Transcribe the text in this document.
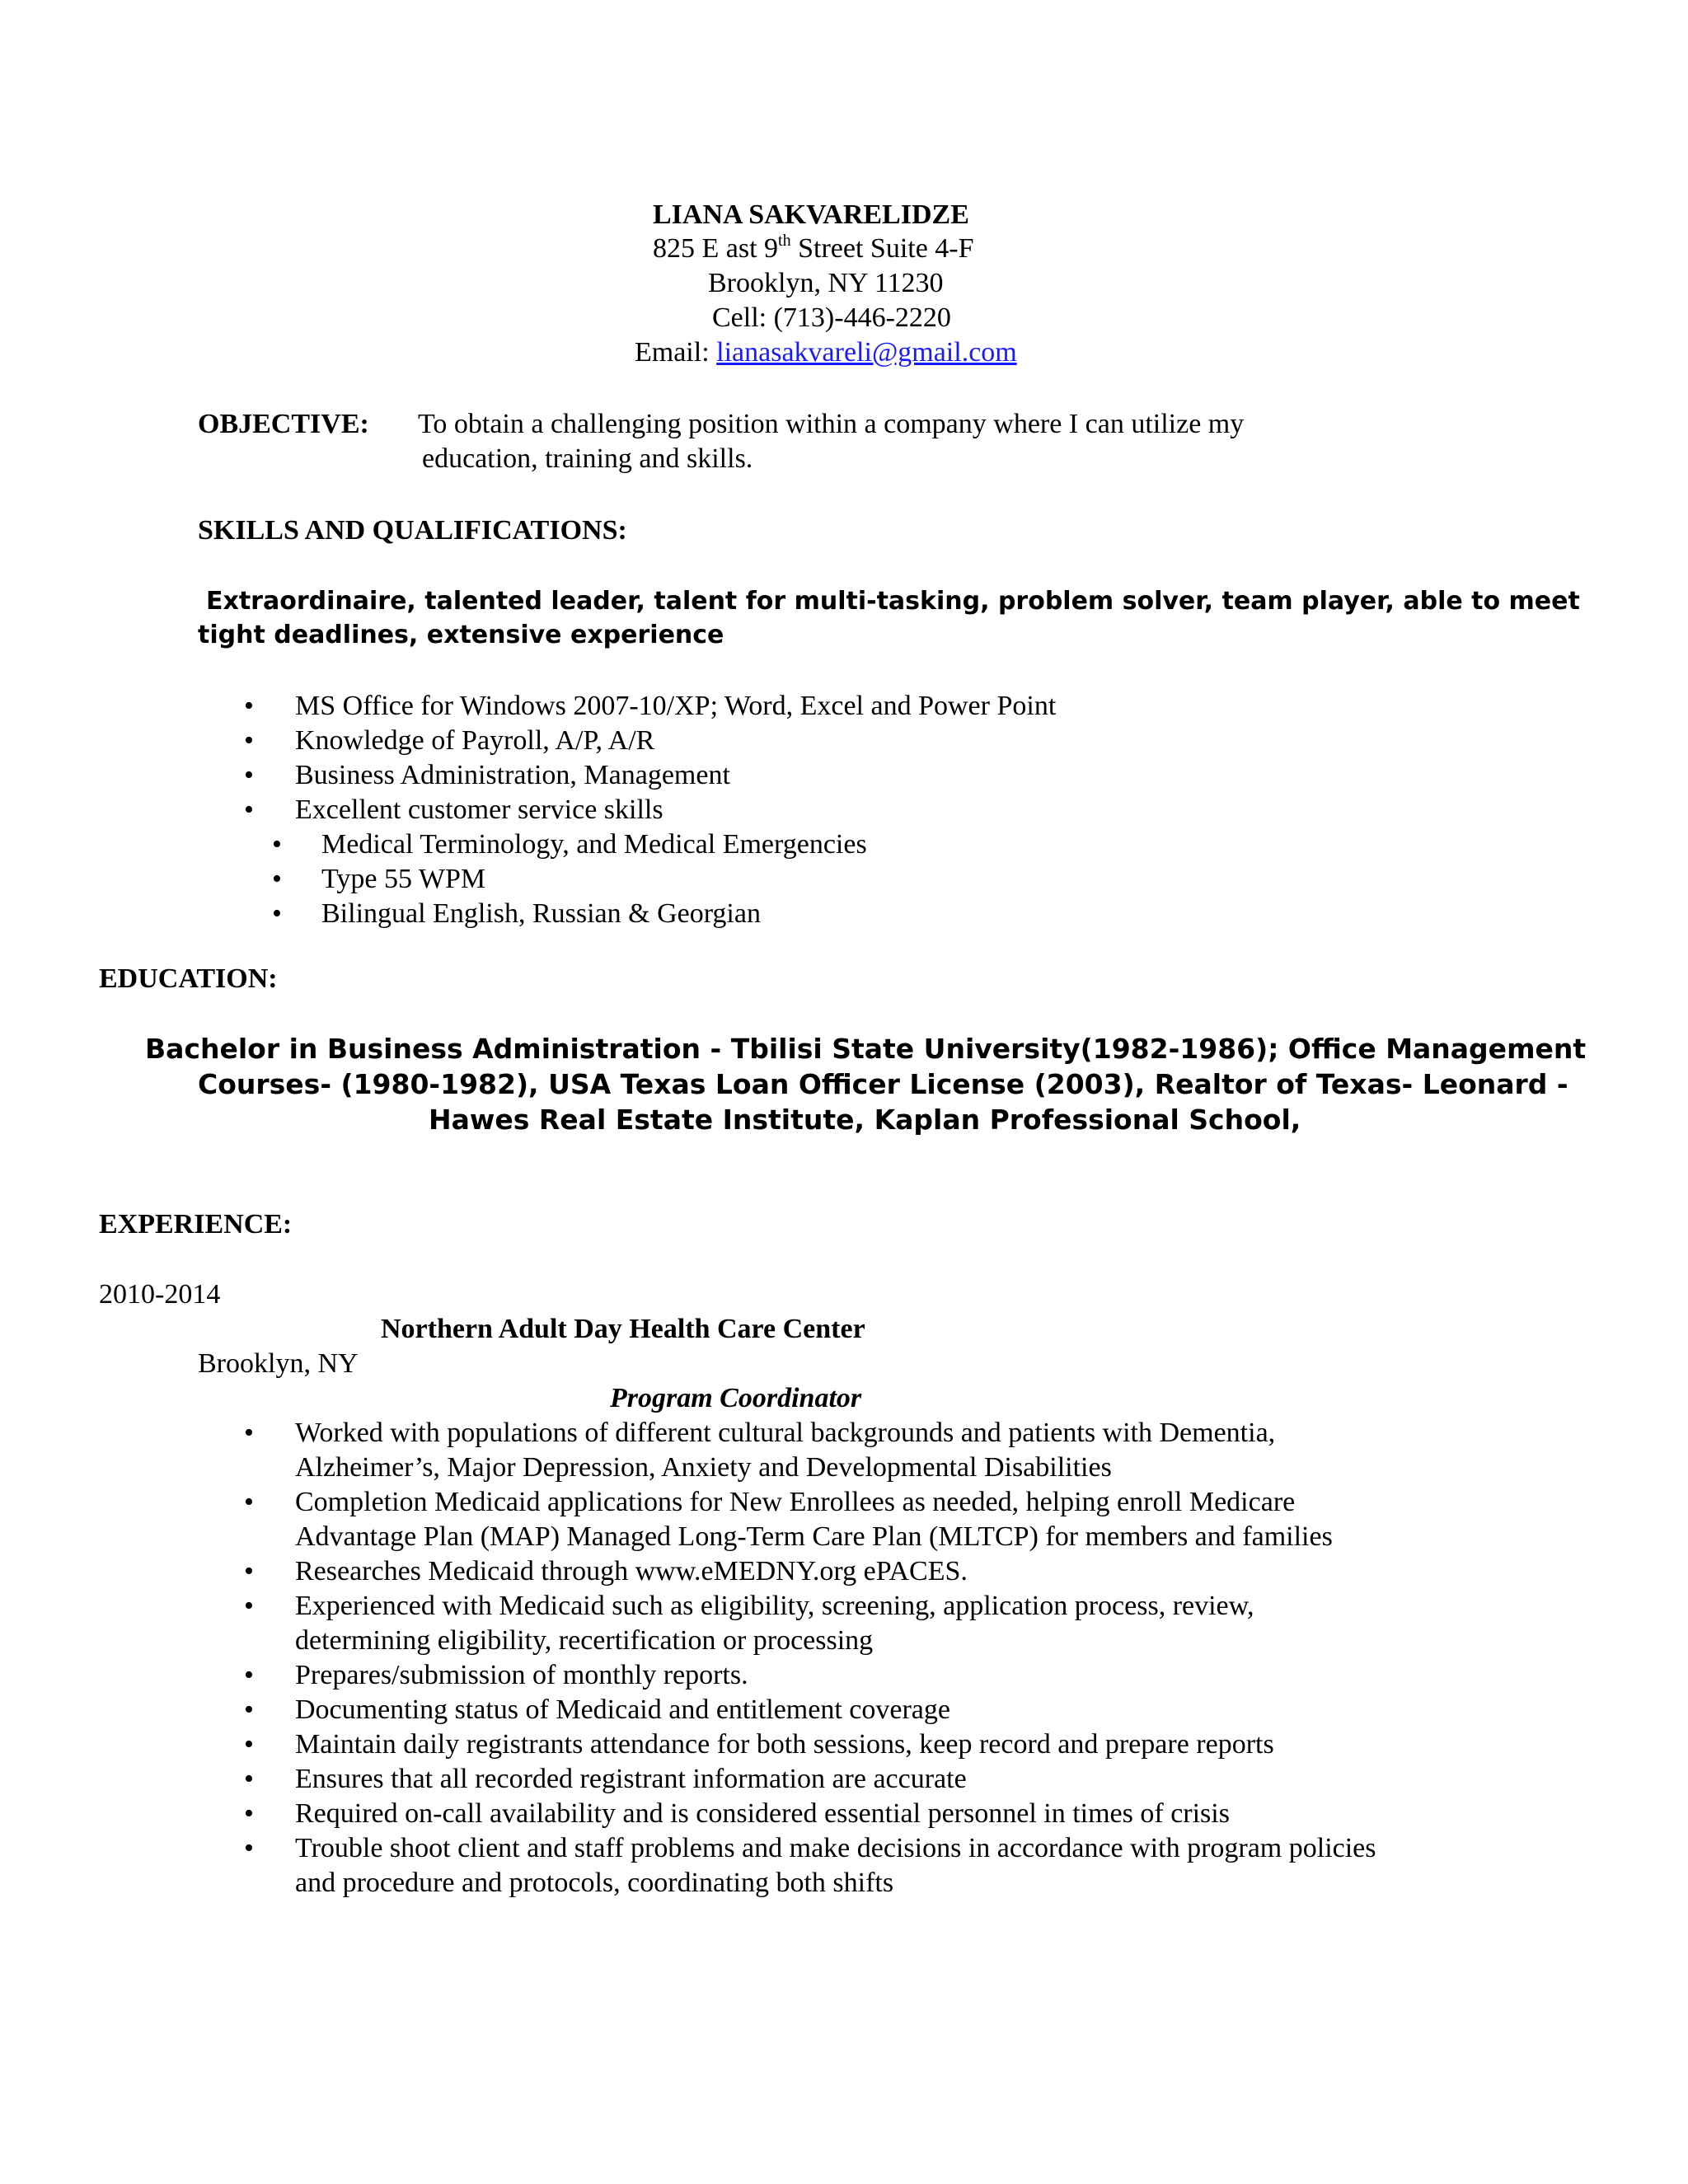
LIANA SAKVARELIDZE
825 E ast 9th Street Suite 4-F
Brooklyn, NY 11230
Cell: (713)-446-2220
Email: lianasakvareli@gmail.com
OBJECTIVE: To obtain a challenging position within a company where I can utilize my
education, training and skills.
SKILLS AND QUALIFICATIONS:
Extraordinaire, talented leader, talent for multi-tasking, problem solver, team player, able to meet
tight deadlines, extensive experience
• MS Office for Windows 2007-10/XP; Word, Excel and Power Point
• Knowledge of Payroll, A/P, A/R
• Business Administration, Management
• Excellent customer service skills
• Medical Terminology, and Medical Emergencies
• Type 55 WPM
• Bilingual English, Russian & Georgian
EDUCATION:
Bachelor in Business Administration - Tbilisi State University(1982-1986); Office Management
Courses- (1980-1982), USA Texas Loan Officer License (2003), Realtor of Texas- Leonard -
Hawes Real Estate Institute, Kaplan Professional School,
EXPERIENCE:
2010-2014
Northern Adult Day Health Care Center
Brooklyn, NY
Program Coordinator
• Worked with populations of different cultural backgrounds and patients with Dementia,
Alzheimer’s, Major Depression, Anxiety and Developmental Disabilities
• Completion Medicaid applications for New Enrollees as needed, helping enroll Medicare
Advantage Plan (MAP) Managed Long-Term Care Plan (MLTCP) for members and families
• Researches Medicaid through www.eMEDNY.org ePACES.
• Experienced with Medicaid such as eligibility, screening, application process, review,
determining eligibility, recertification or processing
• Prepares/submission of monthly reports.
• Documenting status of Medicaid and entitlement coverage
• Maintain daily registrants attendance for both sessions, keep record and prepare reports
• Ensures that all recorded registrant information are accurate
• Required on-call availability and is considered essential personnel in times of crisis
• Trouble shoot client and staff problems and make decisions in accordance with program policies
and procedure and protocols, coordinating both shifts
